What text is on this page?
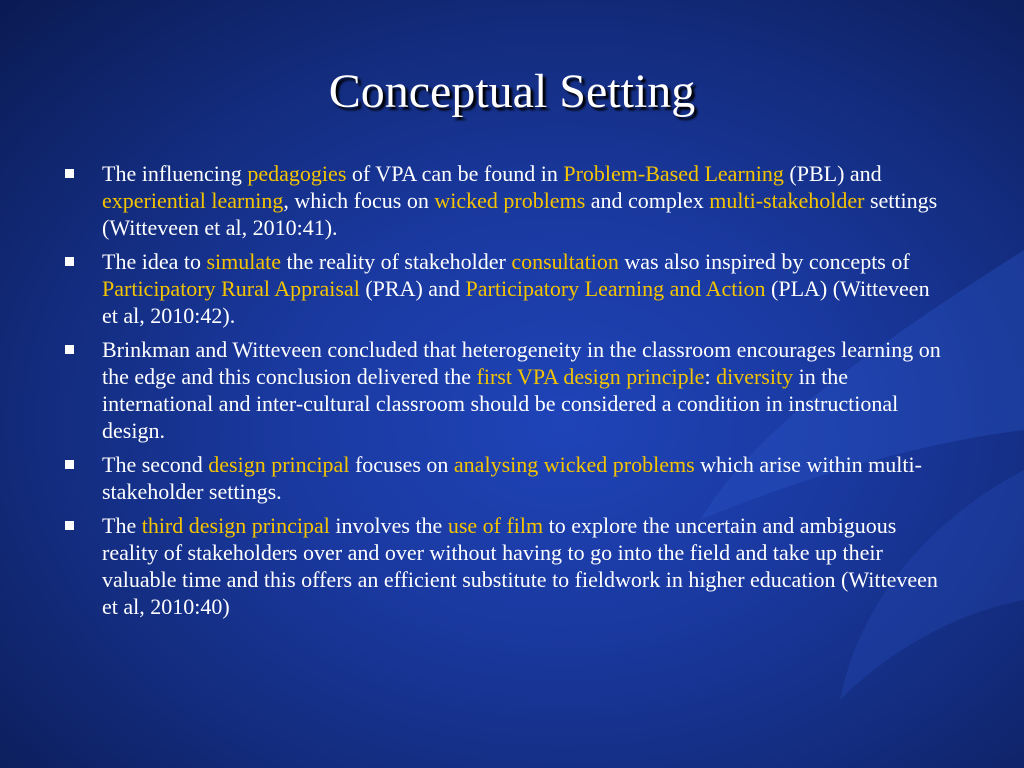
Conceptual Setting
The influencing pedagogies of VPA can be found in Problem-Based Learning (PBL) and experiential learning, which focus on wicked problems and complex multi-stakeholder settings (Witteveen et al, 2010:41).
The idea to simulate the reality of stakeholder consultation was also inspired by concepts of Participatory Rural Appraisal (PRA) and Participatory Learning and Action (PLA) (Witteveen et al, 2010:42).
Brinkman and Witteveen concluded that heterogeneity in the classroom encourages learning on the edge and this conclusion delivered the first VPA design principle: diversity in the international and inter-cultural classroom should be considered a condition in instructional design.
The second design principal focuses on analysing wicked problems which arise within multi-stakeholder settings.
The third design principal involves the use of film to explore the uncertain and ambiguous reality of stakeholders over and over without having to go into the field and take up their valuable time and this offers an efficient substitute to fieldwork in higher education (Witteveen et al, 2010:40)
